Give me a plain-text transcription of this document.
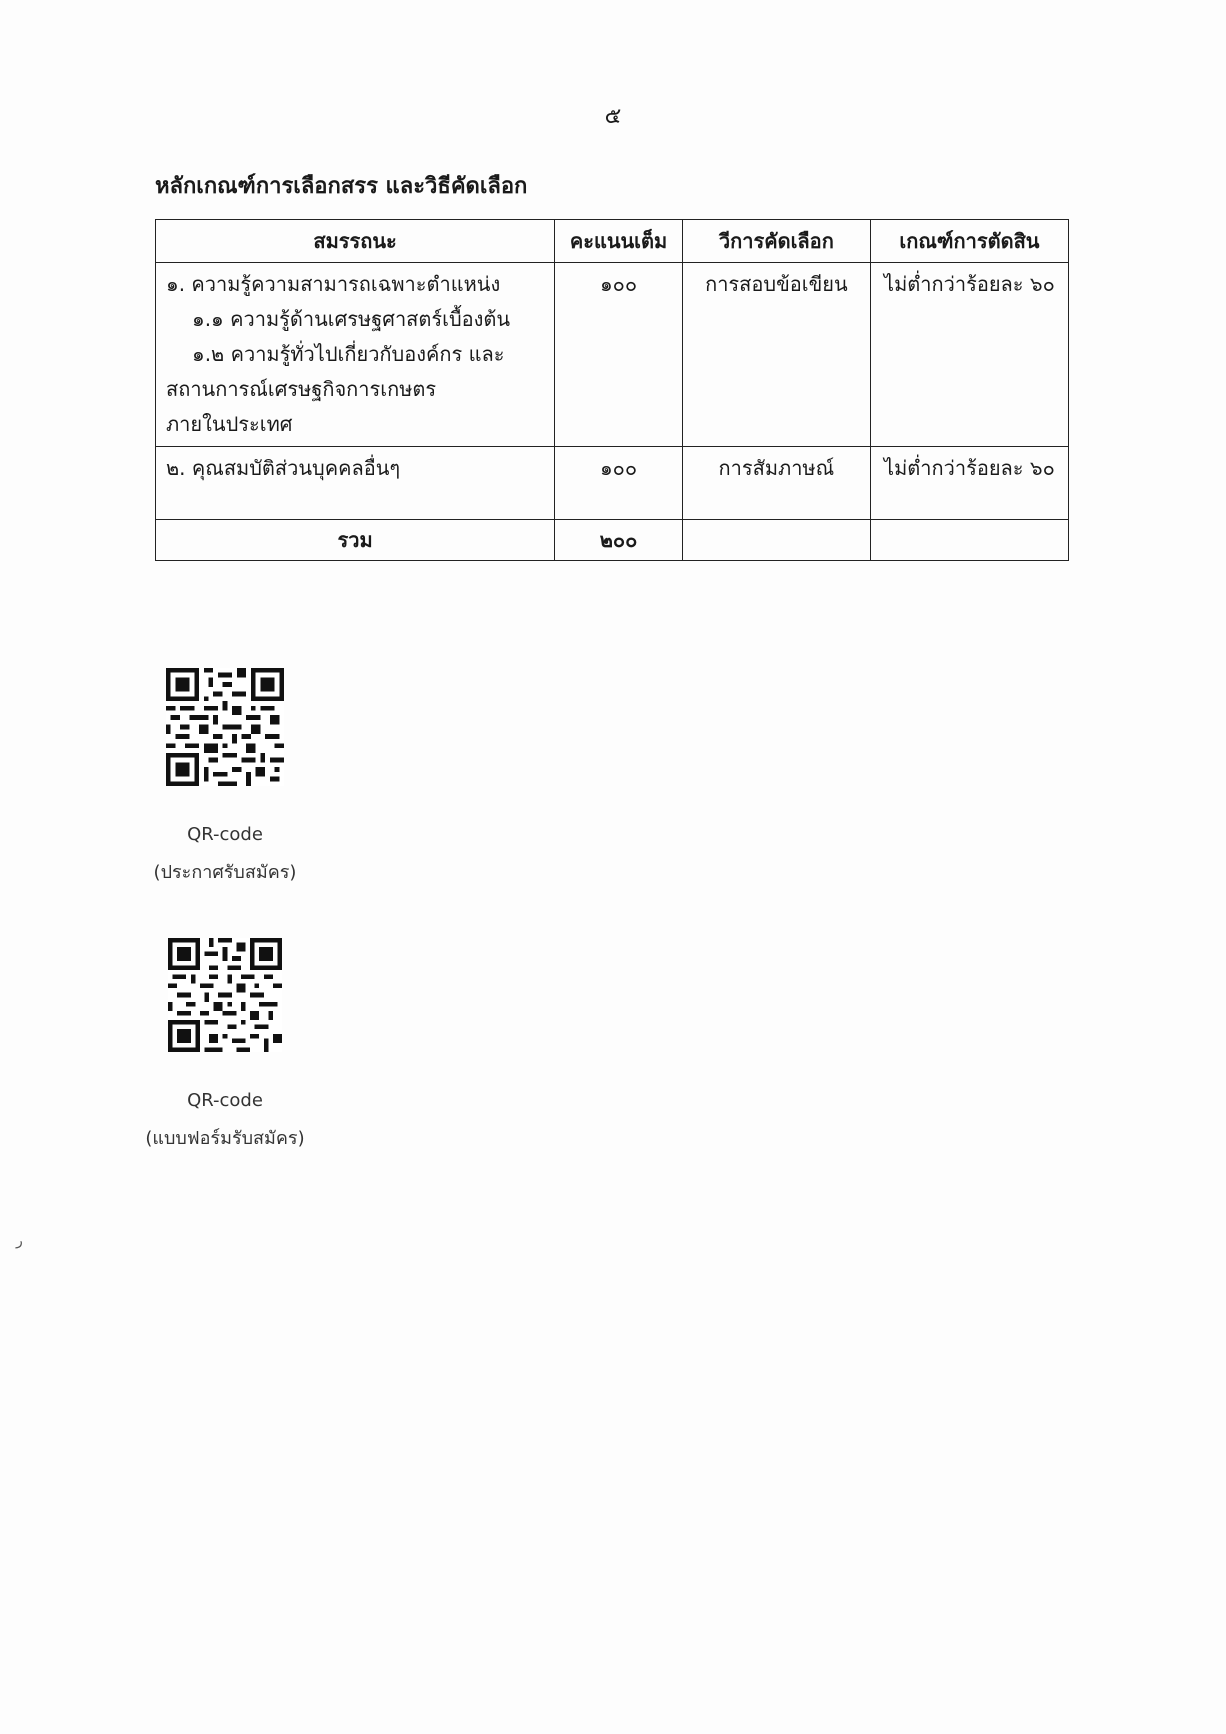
๕
หลักเกณฑ์การเลือกสรร และวิธีคัดเลือก
สมรรถนะ	คะแนนเต็ม	วีการคัดเลือก	เกณฑ์การตัดสิน

๑. ความรู้ความสามารถเฉพาะตำแหน่ง
๑.๑ ความรู้ด้านเศรษฐศาสตร์เบื้องต้น
๑.๒ ความรู้ทั่วไปเกี่ยวกับองค์กร และ
สถานการณ์เศรษฐกิจการเกษตร
ภายในประเทศ	๑๐๐	การสอบข้อเขียน	ไม่ต่ำกว่าร้อยละ ๖๐

๒. คุณสมบัติส่วนบุคคลอื่นๆ	๑๐๐	การสัมภาษณ์	ไม่ต่ำกว่าร้อยละ ๖๐

รวม	๒๐๐		
QR-code
(ประกาศรับสมัคร)
QR-code
(แบบฟอร์มรับสมัคร)
ر
